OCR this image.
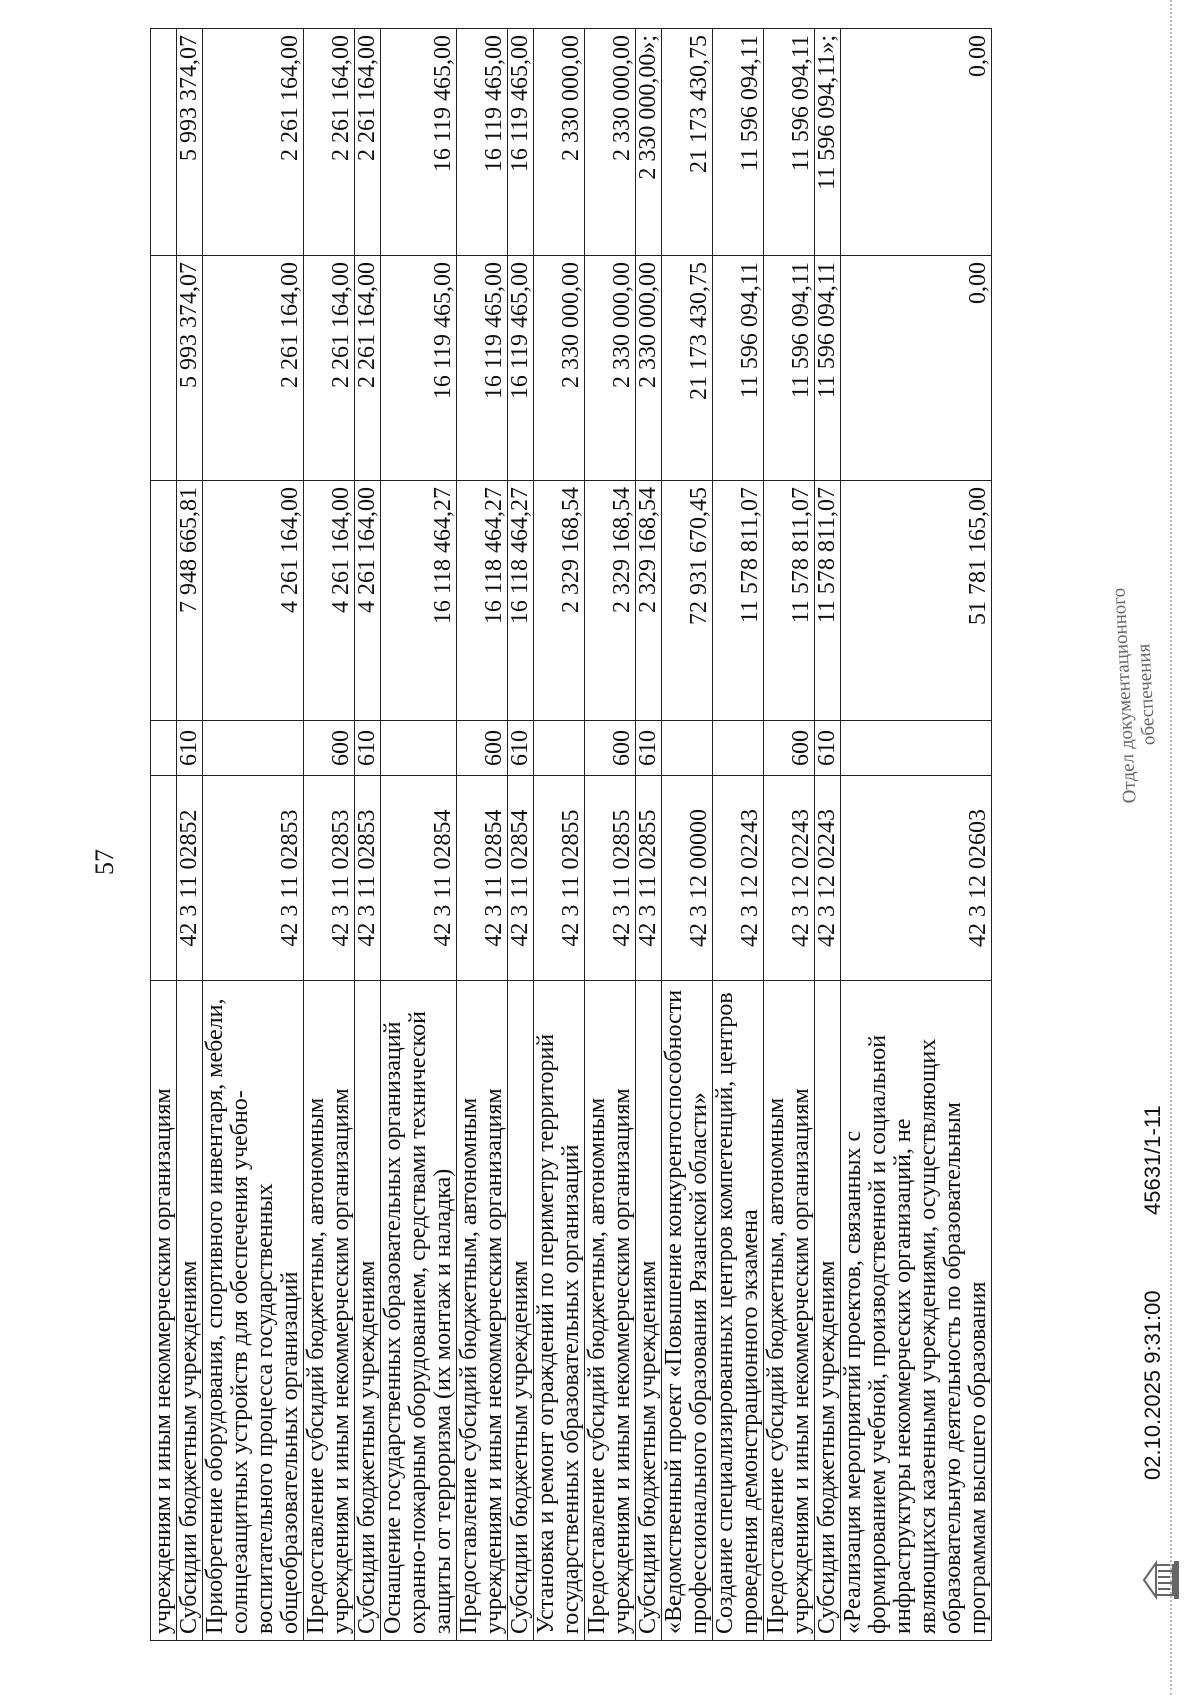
57
учреждениям и иным некоммерческим организациям					
Субсидии бюджетным учреждениям	42 3 11 02852	610	7 948 665,81	5 993 374,07	5 993 374,07
Приобретение оборудования, спортивного инвентаря, мебели, солнцезащитных устройств для обеспечения учебно-воспитательного процесса государственных общеобразовательных организаций	42 3 11 02853		4 261 164,00	2 261 164,00	2 261 164,00
Предоставление субсидий бюджетным, автономным учреждениям и иным некоммерческим организациям	42 3 11 02853	600	4 261 164,00	2 261 164,00	2 261 164,00
Субсидии бюджетным учреждениям	42 3 11 02853	610	4 261 164,00	2 261 164,00	2 261 164,00
Оснащение государственных образовательных организаций охранно-пожарным оборудованием, средствами технической защиты от терроризма (их монтаж и наладка)	42 3 11 02854		16 118 464,27	16 119 465,00	16 119 465,00
Предоставление субсидий бюджетным, автономным учреждениям и иным некоммерческим организациям	42 3 11 02854	600	16 118 464,27	16 119 465,00	16 119 465,00
Субсидии бюджетным учреждениям	42 3 11 02854	610	16 118 464,27	16 119 465,00	16 119 465,00
Установка и ремонт ограждений по периметру территорий государственных образовательных организаций	42 3 11 02855		2 329 168,54	2 330 000,00	2 330 000,00
Предоставление субсидий бюджетным, автономным учреждениям и иным некоммерческим организациям	42 3 11 02855	600	2 329 168,54	2 330 000,00	2 330 000,00
Субсидии бюджетным учреждениям	42 3 11 02855	610	2 329 168,54	2 330 000,00	2 330 000,00»;
«Ведомственный проект «Повышение конкурентоспособности профессионального образования Рязанской области»	42 3 12 00000		72 931 670,45	21 173 430,75	21 173 430,75
Создание специализированных центров компетенций, центров проведения демонстрационного экзамена	42 3 12 02243		11 578 811,07	11 596 094,11	11 596 094,11
Предоставление субсидий бюджетным, автономным учреждениям и иным некоммерческим организациям	42 3 12 02243	600	11 578 811,07	11 596 094,11	11 596 094,11
Субсидии бюджетным учреждениям	42 3 12 02243	610	11 578 811,07	11 596 094,11	11 596 094,11»;
«Реализация мероприятий проектов, связанных с формированием учебной, производственной и социальной инфраструктуры некоммерческих организаций, не являющихся казенными учреждениями, осуществляющих образовательную деятельность по образовательным программам высшего образования	42 3 12 02603		51 781 165,00	0,00	0,00
02.10.2025 9:31:00
45631/1-11
Отдел документационного
обеспечения
